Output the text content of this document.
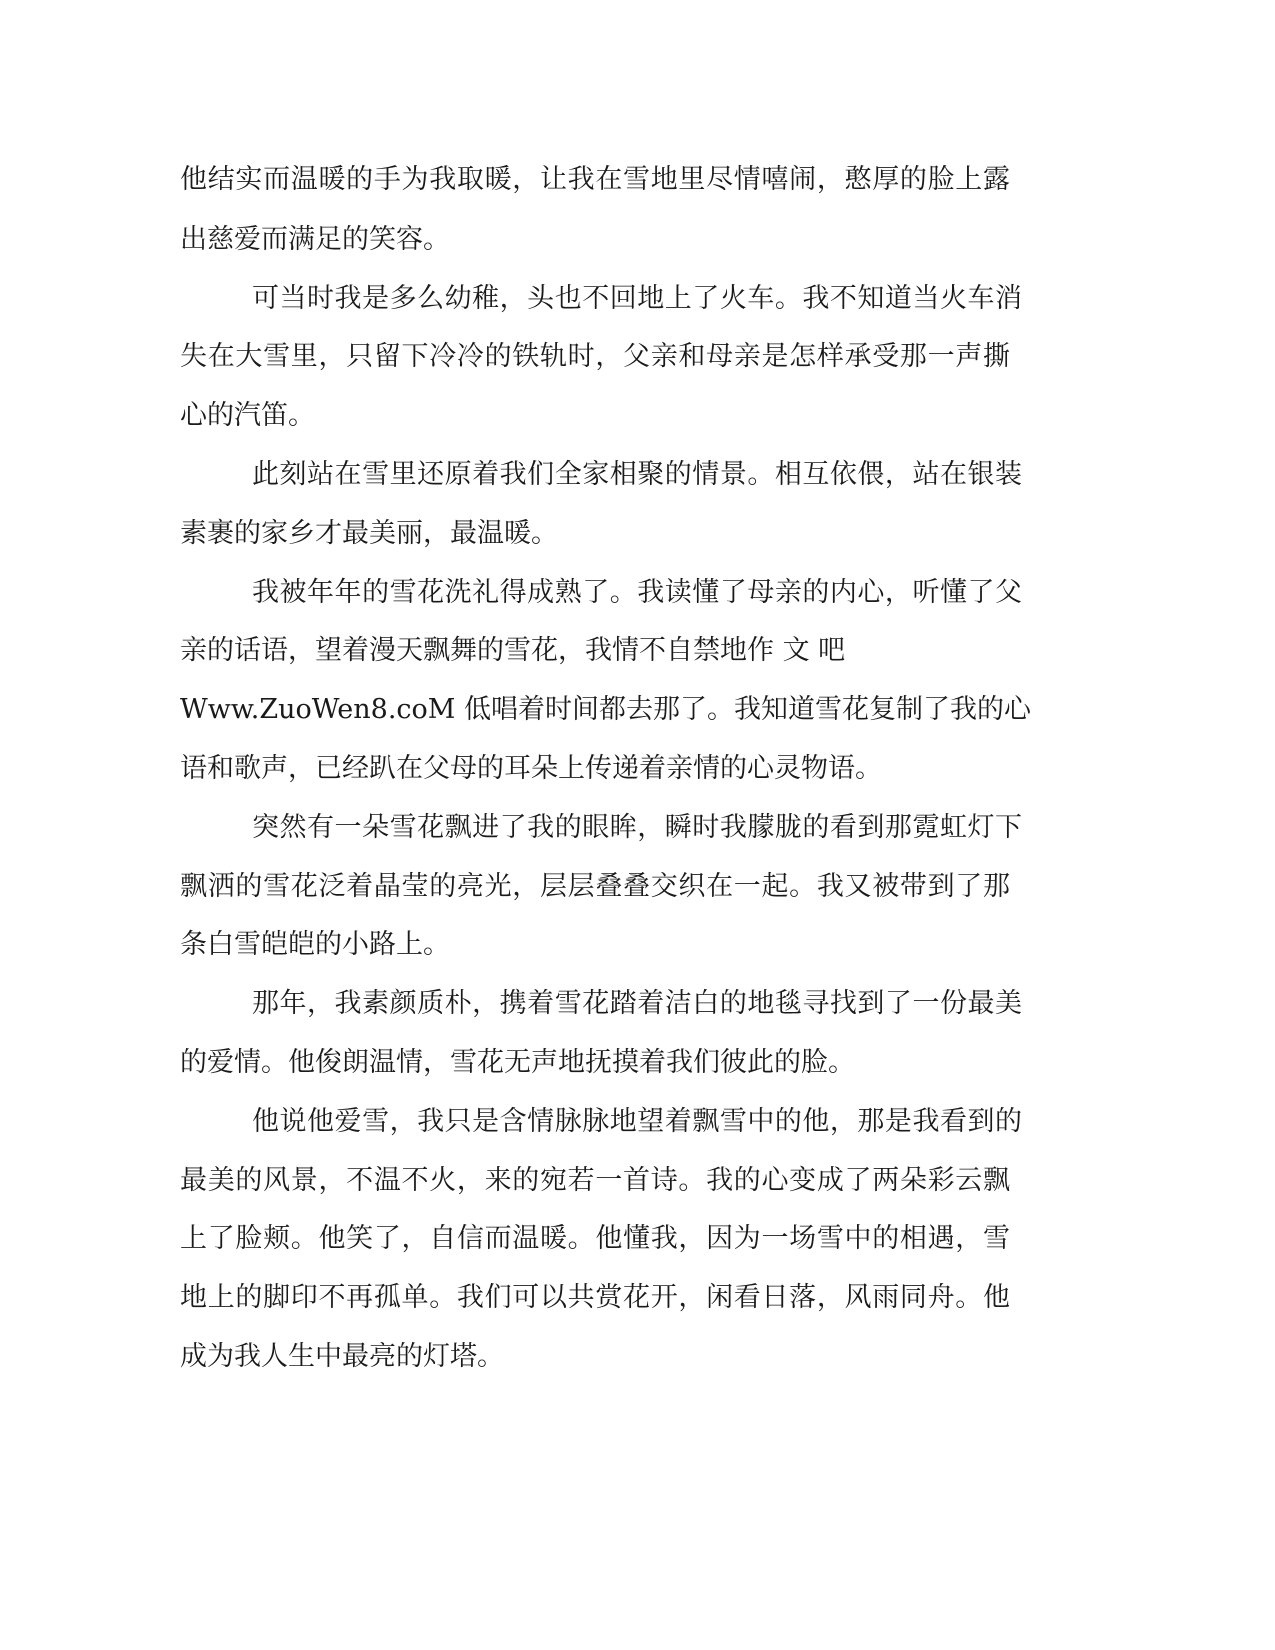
他结实而温暖的手为我取暖，让我在雪地里尽情嘻闹，憨厚的脸上露
出慈爱而满足的笑容。
可当时我是多么幼稚，头也不回地上了火车。我不知道当火车消
失在大雪里，只留下冷冷的铁轨时，父亲和母亲是怎样承受那一声撕
心的汽笛。
此刻站在雪里还原着我们全家相聚的情景。相互依偎，站在银装
素裹的家乡才最美丽，最温暖。
我被年年的雪花洗礼得成熟了。我读懂了母亲的内心，听懂了父
亲的话语，望着漫天飘舞的雪花，我情不自禁地作 文 吧
Www.ZuoWen8.coM 低唱着时间都去那了。我知道雪花复制了我的心
语和歌声，已经趴在父母的耳朵上传递着亲情的心灵物语。
突然有一朵雪花飘进了我的眼眸，瞬时我朦胧的看到那霓虹灯下
飘洒的雪花泛着晶莹的亮光，层层叠叠交织在一起。我又被带到了那
条白雪皑皑的小路上。
那年，我素颜质朴，携着雪花踏着洁白的地毯寻找到了一份最美
的爱情。他俊朗温情，雪花无声地抚摸着我们彼此的脸。
他说他爱雪，我只是含情脉脉地望着飘雪中的他，那是我看到的
最美的风景，不温不火，来的宛若一首诗。我的心变成了两朵彩云飘
上了脸颊。他笑了，自信而温暖。他懂我，因为一场雪中的相遇，雪
地上的脚印不再孤单。我们可以共赏花开，闲看日落，风雨同舟。他
成为我人生中最亮的灯塔。
